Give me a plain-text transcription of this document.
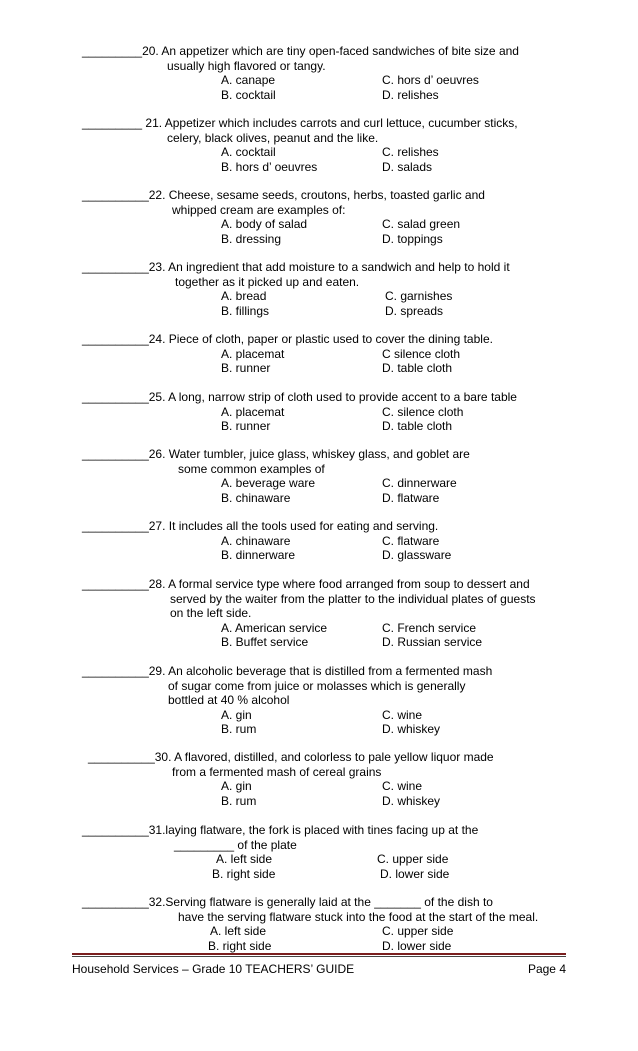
_________20. An appetizer which are tiny open-faced sandwiches of bite size and
usually high flavored or tangy.
A. canape	C. hors d’ oeuvres
B. cocktail	D. relishes
_________ 21. Appetizer which includes carrots and curl lettuce, cucumber sticks,
celery, black olives, peanut and the like.
A. cocktail	C. relishes
B. hors d’ oeuvres	D. salads
__________22. Cheese, sesame seeds, croutons, herbs, toasted garlic and
whipped cream are examples of:
A. body of salad	C. salad green
B. dressing	D. toppings
__________23. An ingredient that add moisture to a sandwich and help to hold it
together as it picked up and eaten.
A. bread	C. garnishes
B. fillings	D. spreads
__________24. Piece of cloth, paper or plastic used to cover the dining table.
A. placemat	C silence cloth
B. runner	D. table cloth
__________25. A long, narrow strip of cloth used to provide accent to a bare table
A. placemat	C. silence cloth
B. runner	D. table cloth
__________26. Water tumbler, juice glass, whiskey glass, and goblet are
some common examples of
A. beverage ware	C. dinnerware
B. chinaware	D. flatware
__________27. It includes all the tools used for eating and serving.
A. chinaware	C. flatware
B. dinnerware	D. glassware
__________28. A formal service type where food arranged from soup to dessert and
served by the waiter from the platter to the individual plates of guests
on the left side.
A. American service	C. French service
B. Buffet service	D. Russian service
__________29. An alcoholic beverage that is distilled from a fermented mash
of sugar come from juice or molasses which is generally
bottled at 40 % alcohol
A. gin	C. wine
B. rum	D. whiskey
__________30. A flavored, distilled, and colorless to pale yellow liquor made
from a fermented mash of cereal grains
A. gin	C. wine
B. rum	D. whiskey
__________31.laying flatware, the fork is placed with tines facing up at the
_________ of the plate
A. left side	C. upper side
B. right side	D. lower side
__________32.Serving flatware is generally laid at the _______ of the dish to
have the serving flatware stuck into the food at the start of the meal.
A. left side	C. upper side
B. right side	D. lower side
Household Services – Grade 10 TEACHERS’ GUIDE	Page 4
